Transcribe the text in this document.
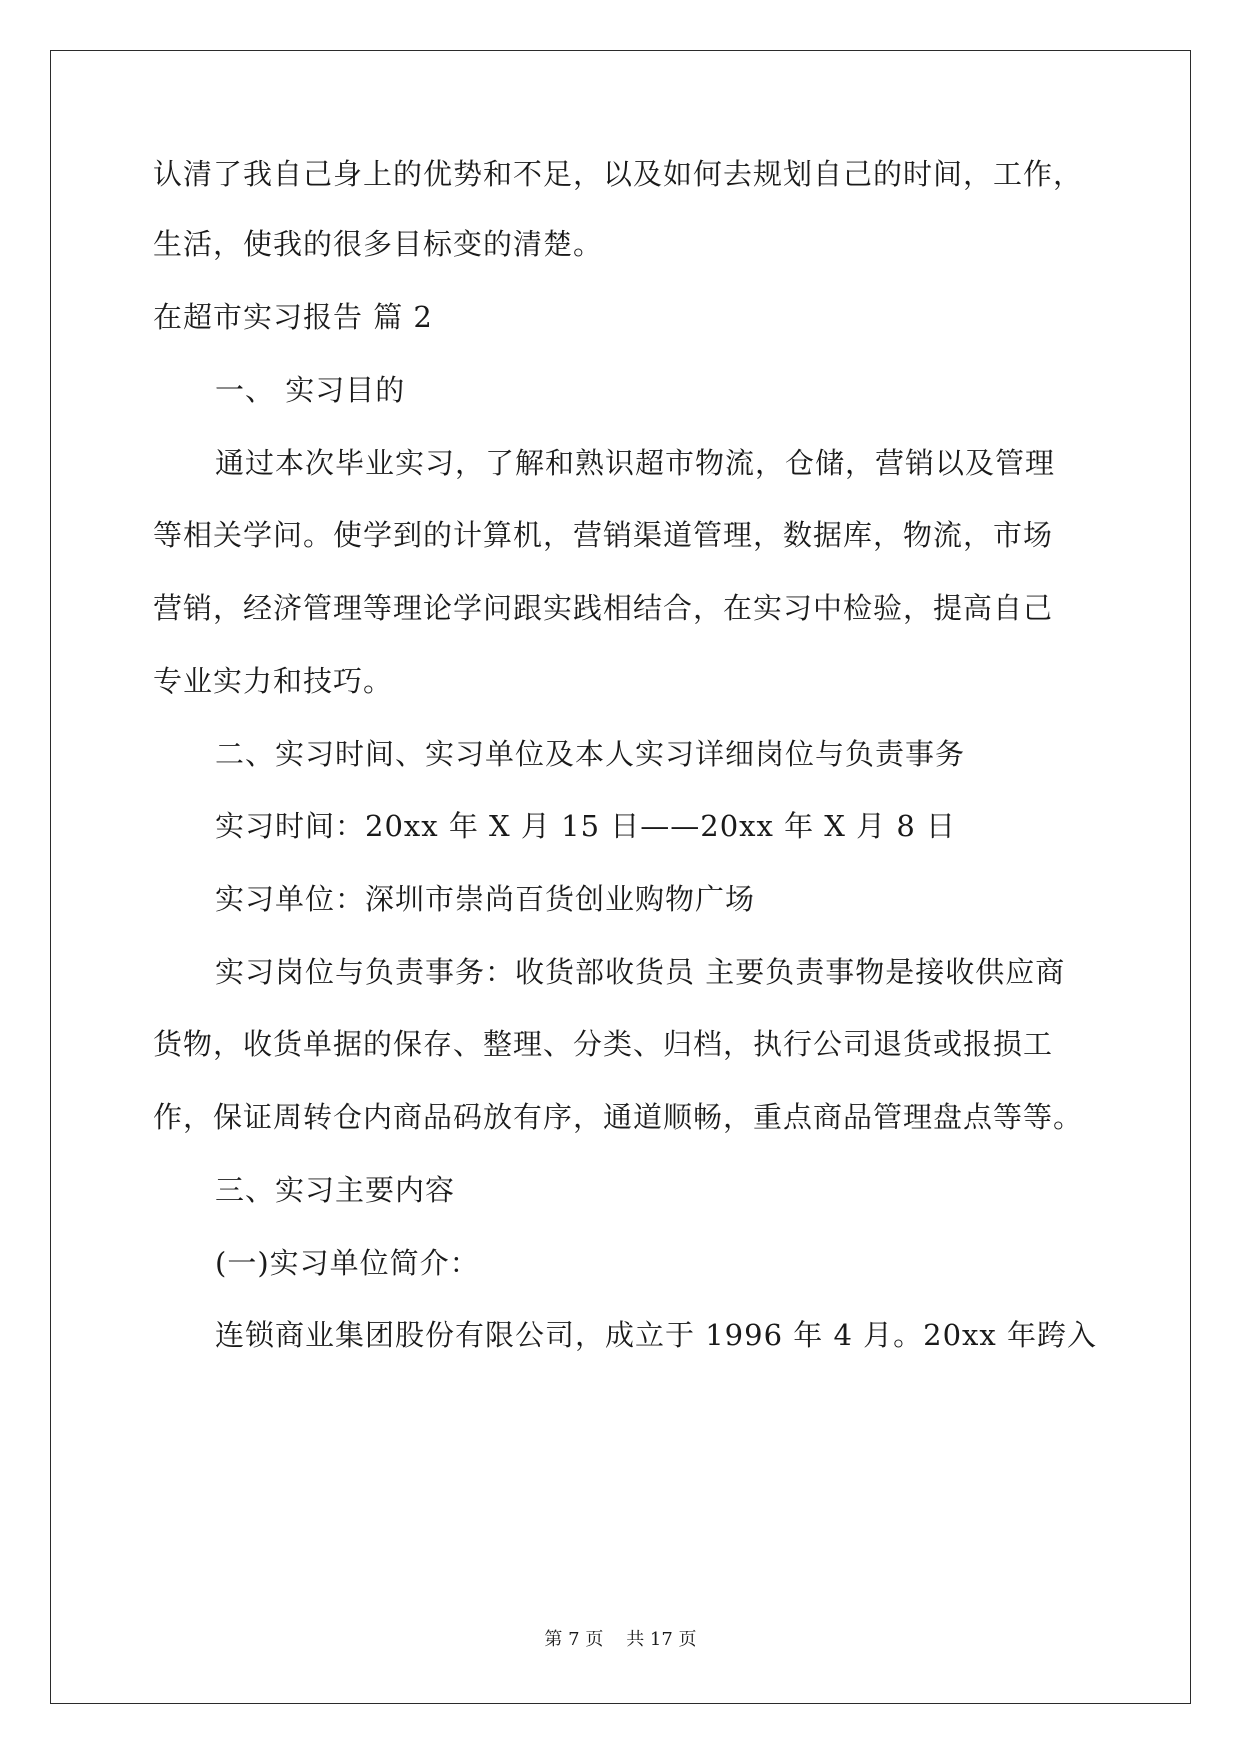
认清了我自己身上的优势和不足，以及如何去规划自己的时间，工作，
生活，使我的很多目标变的清楚。
在超市实习报告 篇 2
一、 实习目的
通过本次毕业实习，了解和熟识超市物流，仓储，营销以及管理
等相关学问。使学到的计算机，营销渠道管理，数据库，物流，市场
营销，经济管理等理论学问跟实践相结合，在实习中检验，提高自己
专业实力和技巧。
二、实习时间、实习单位及本人实习详细岗位与负责事务
实习时间：20xx 年 X 月 15 日——20xx 年 X 月 8 日
实习单位：深圳市崇尚百货创业购物广场
实习岗位与负责事务：收货部收货员 主要负责事物是接收供应商
货物，收货单据的保存、整理、分类、归档，执行公司退货或报损工
作，保证周转仓内商品码放有序，通道顺畅，重点商品管理盘点等等。
三、实习主要内容
(一)实习单位简介：
连锁商业集团股份有限公司，成立于 1996 年 4 月。20xx 年跨入
第 7 页    共 17 页
